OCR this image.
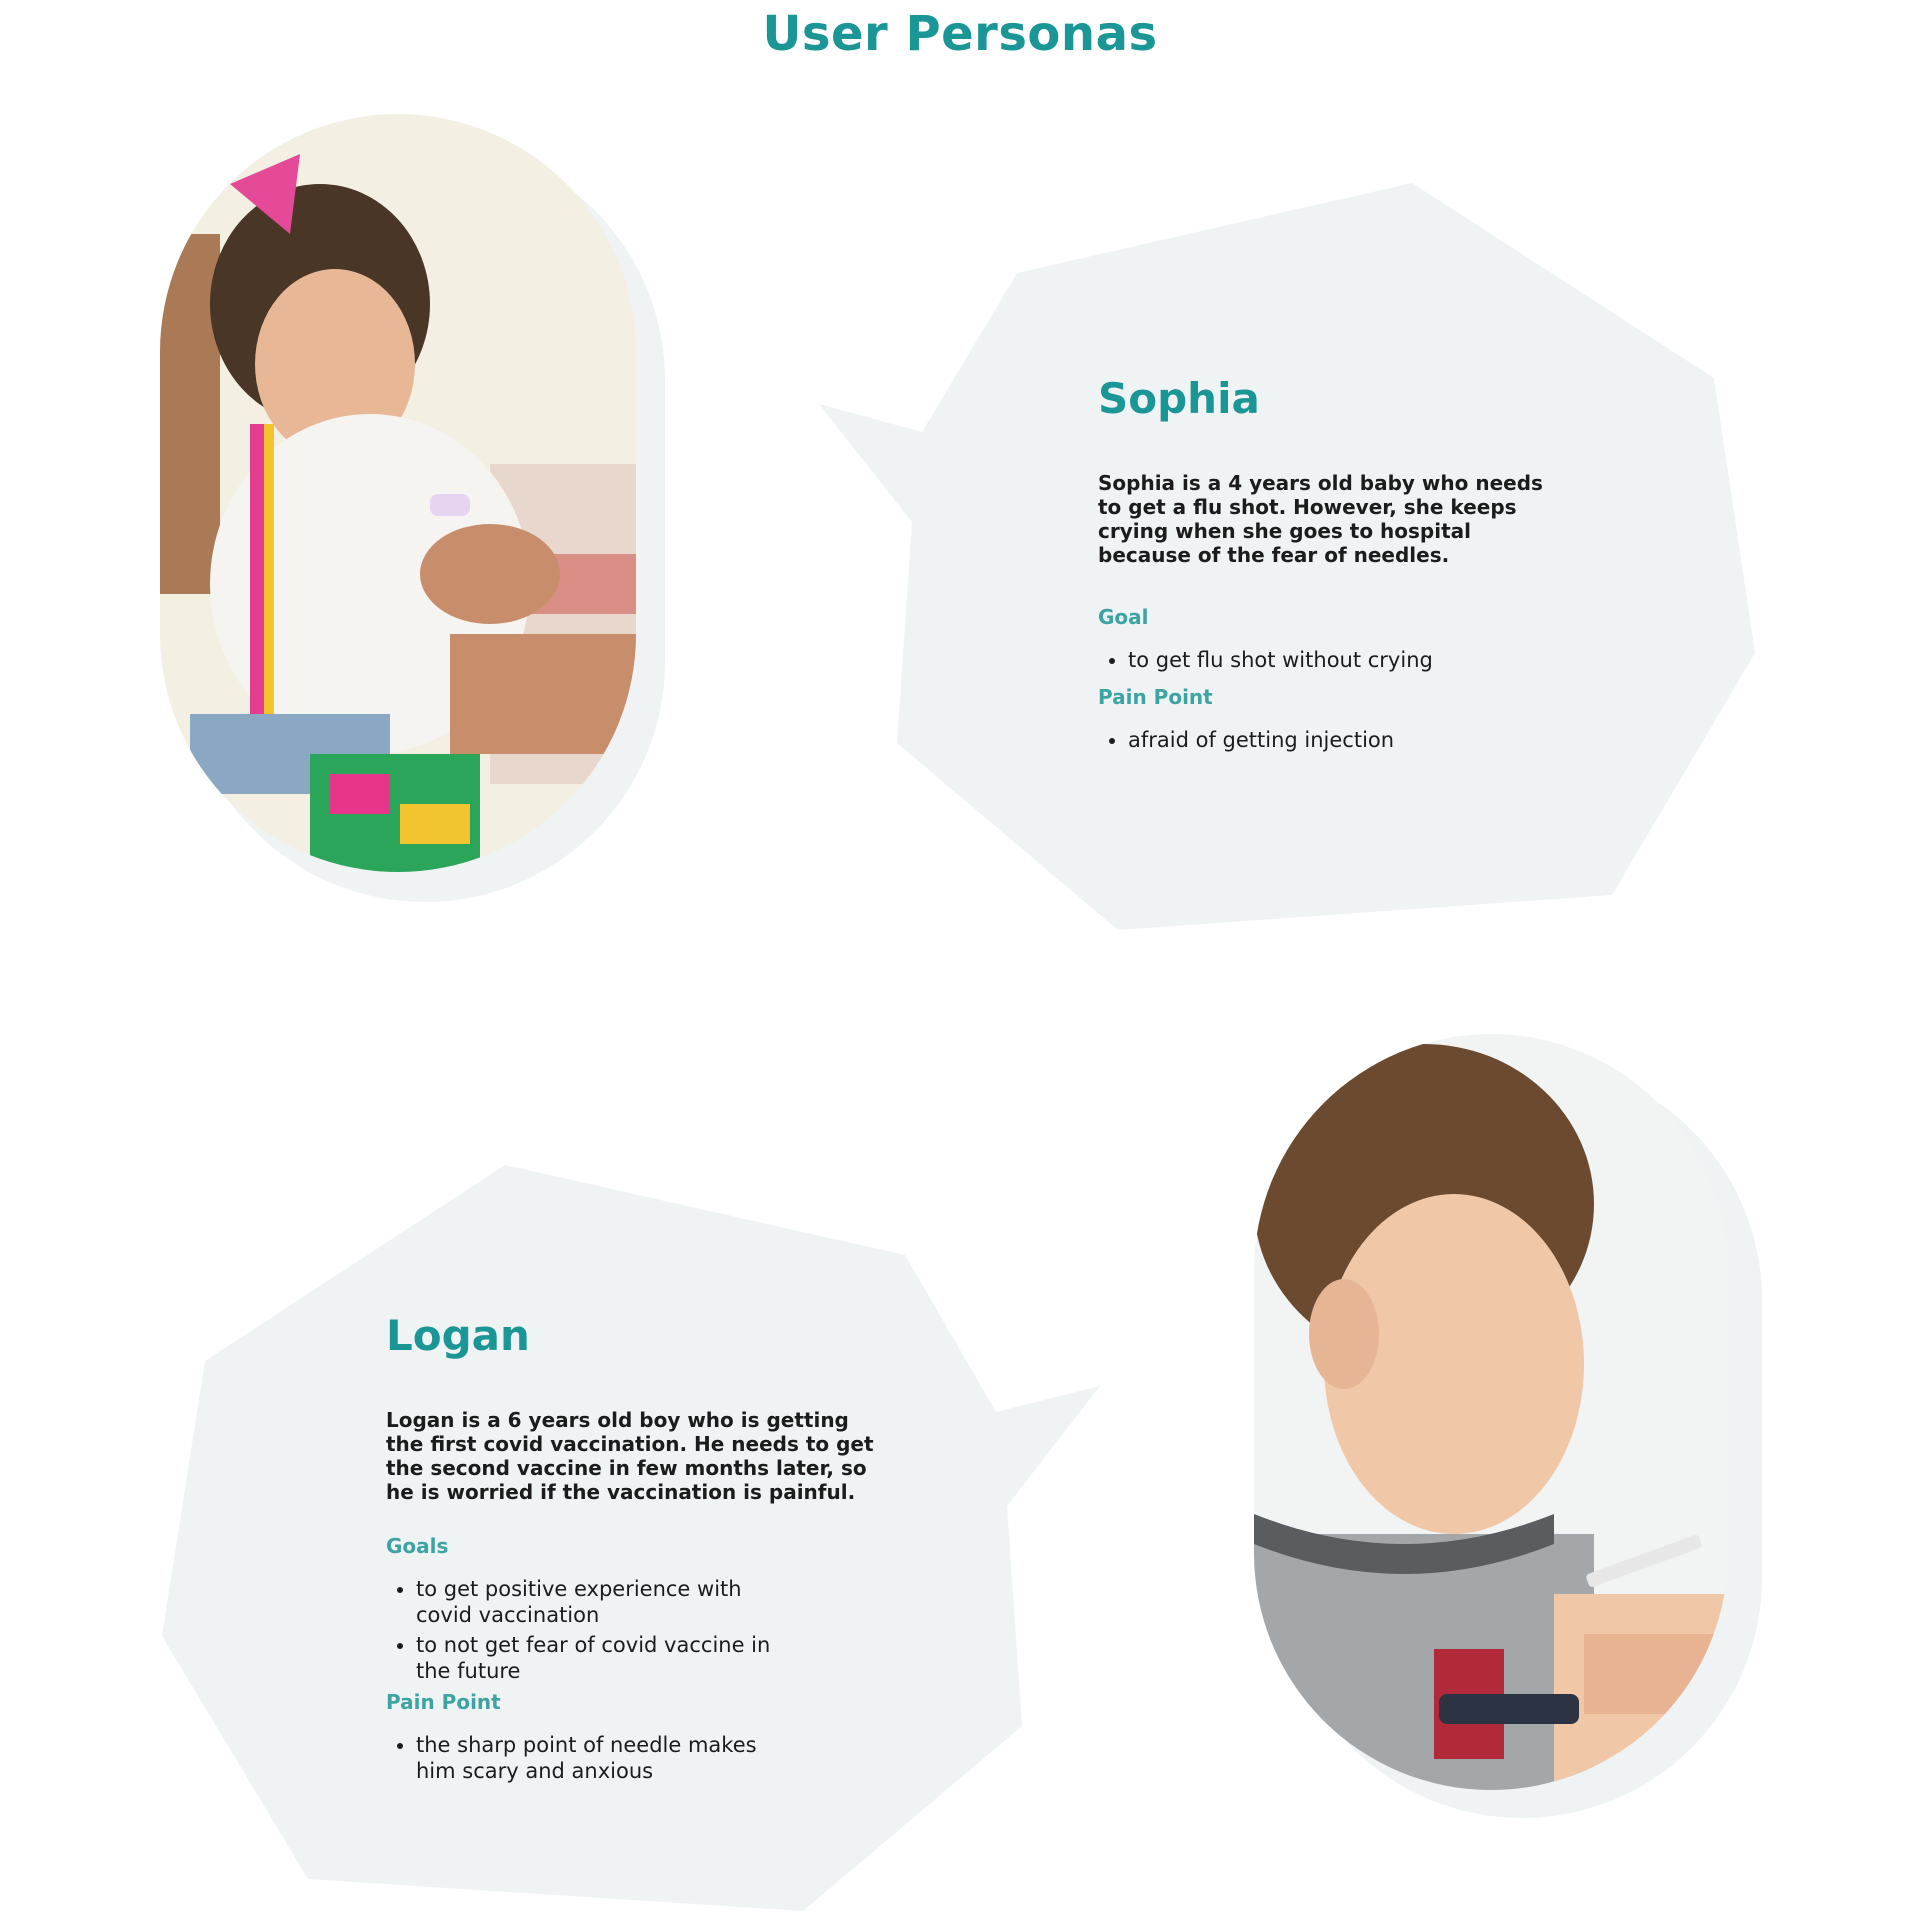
User Personas
Sophia

Sophia is a 4 years old baby who needs to get a flu shot. However, she keeps crying when she goes to hospital because of the fear of needles.

Goal

• to get flu shot without crying

Pain Point

• afraid of getting injection
Logan

Logan is a 6 years old boy who is getting the first covid vaccination. He needs to get the second vaccine in few months later, so he is worried if the vaccination is painful.

Goals

• to get positive experience with covid vaccination
• to not get fear of covid vaccine in the future

Pain Point

• the sharp point of needle makes him scary and anxious
